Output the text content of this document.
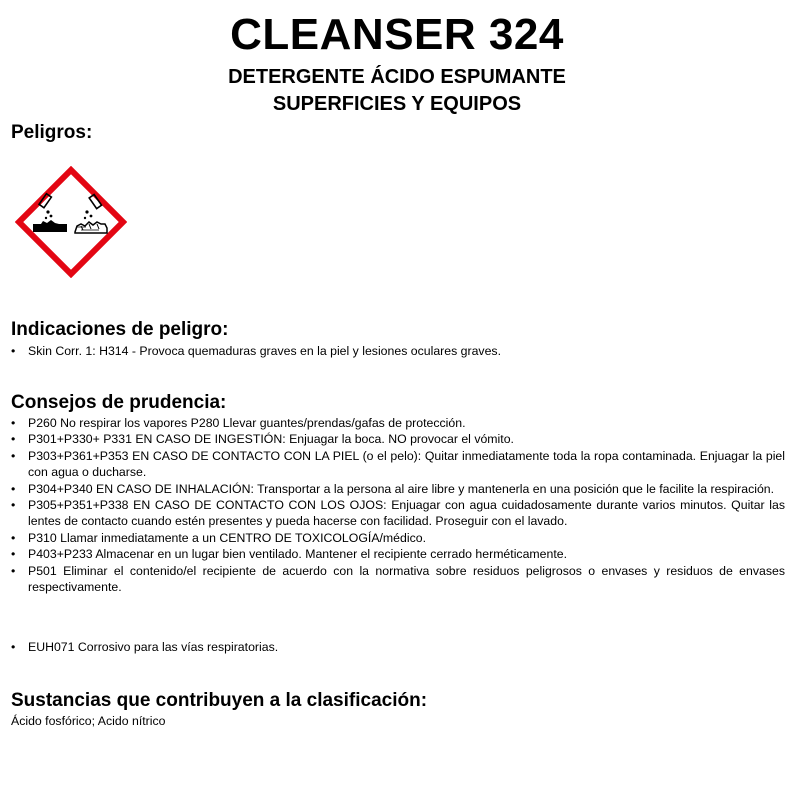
CLEANSER 324
DETERGENTE ÁCIDO ESPUMANTE
SUPERFICIES Y EQUIPOS
Peligros:
Indicaciones de peligro:
• Skin Corr. 1: H314 - Provoca quemaduras graves en la piel y lesiones oculares graves.
Consejos de prudencia:
• P260 No respirar los vapores P280 Llevar guantes/prendas/gafas de protección.
• P301+P330+ P331 EN CASO DE INGESTIÓN: Enjuagar la boca. NO provocar el vómito.
• P303+P361+P353 EN CASO DE CONTACTO CON LA PIEL (o el pelo): Quitar inmediatamente toda la ropa contaminada. Enjuagar la piel con agua o ducharse.
• P304+P340 EN CASO DE INHALACIÓN: Transportar a la persona al aire libre y mantenerla en una posición que le facilite la respiración.
• P305+P351+P338 EN CASO DE CONTACTO CON LOS OJOS: Enjuagar con agua cuidadosamente durante varios minutos. Quitar las lentes de contacto cuando estén presentes y pueda hacerse con facilidad. Proseguir con el lavado.
• P310 Llamar inmediatamente a un CENTRO DE TOXICOLOGÍA/médico.
• P403+P233 Almacenar en un lugar bien ventilado. Mantener el recipiente cerrado herméticamente.
• P501 Eliminar el contenido/el recipiente de acuerdo con la normativa sobre residuos peligrosos o envases y residuos de envases respectivamente.
• EUH071 Corrosivo para las vías respiratorias.
Sustancias que contribuyen a la clasificación:
Ácido fosfórico; Acido nítrico
